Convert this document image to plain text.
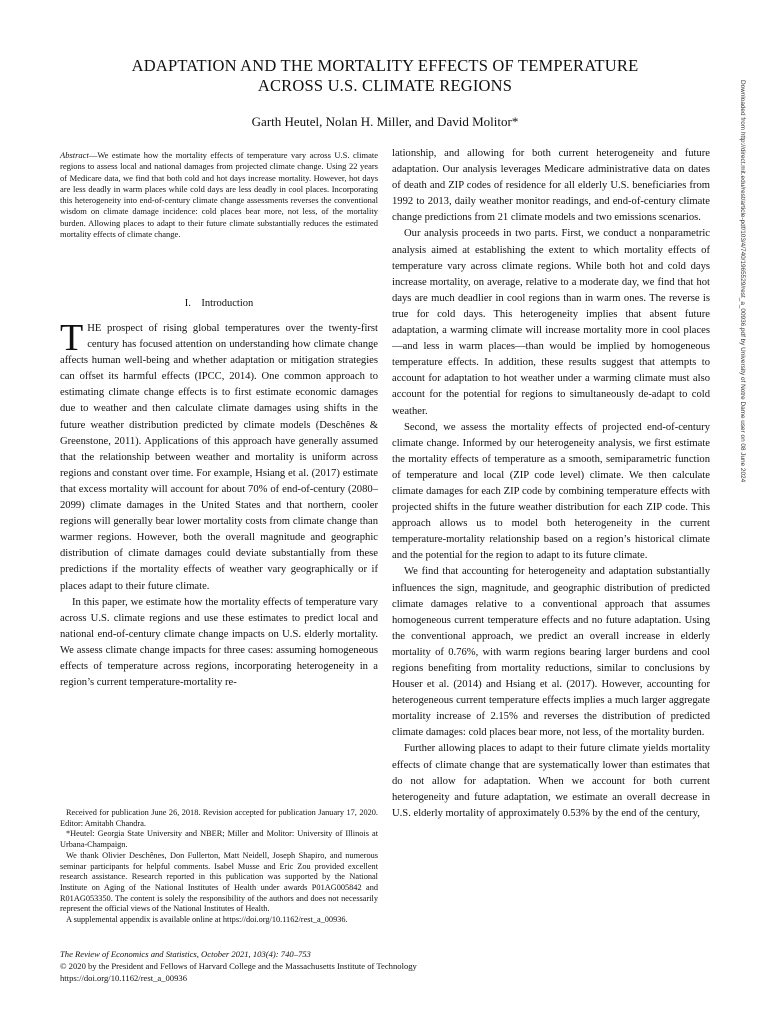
ADAPTATION AND THE MORTALITY EFFECTS OF TEMPERATURE
ACROSS U.S. CLIMATE REGIONS
Garth Heutel, Nolan H. Miller, and David Molitor*

Abstract—We estimate how the mortality effects of temperature vary across U.S. climate regions to assess local and national damages from projected climate change. Using 22 years of Medicare data, we find that both cold and hot days increase mortality. However, hot days are less deadly in warm places while cold days are less deadly in cool places. Incorporating this heterogeneity into end-of-century climate change assessments reverses the conventional wisdom on climate damage incidence: cold places bear more, not less, of the mortality burden. Allowing places to adapt to their future climate substantially reduces the estimated mortality effects of climate change.

I. Introduction

THE prospect of rising global temperatures over the twenty-first century has focused attention on understanding how climate change affects human well-being and whether adaptation or mitigation strategies can offset its harmful effects (IPCC, 2014). One common approach to estimating climate change effects is to first estimate economic damages due to weather and then calculate climate damages using shifts in the future weather distribution predicted by climate models (Deschênes & Greenstone, 2011). Applications of this approach have generally assumed that the relationship between weather and mortality is uniform across regions and constant over time. For example, Hsiang et al. (2017) estimate that excess mortality will account for about 70% of end-of-century (2080–2099) climate damages in the United States and that northern, cooler regions will generally bear lower mortality costs from climate change than warmer regions. However, both the overall magnitude and geographic distribution of climate damages could deviate substantially from these predictions if the mortality effects of weather vary geographically or if places adapt to their future climate.

In this paper, we estimate how the mortality effects of temperature vary across U.S. climate regions and use these estimates to predict local and national end-of-century climate change impacts on U.S. elderly mortality. We assess climate change impacts for three cases: assuming homogeneous effects of temperature across regions, incorporating heterogeneity in a region’s current temperature-mortality re-

Received for publication June 26, 2018. Revision accepted for publication January 17, 2020. Editor: Amitabh Chandra.

*Heutel: Georgia State University and NBER; Miller and Molitor: University of Illinois at Urbana-Champaign.

We thank Olivier Deschênes, Don Fullerton, Matt Neidell, Joseph Shapiro, and numerous seminar participants for helpful comments. Isabel Musse and Eric Zou provided excellent research assistance. Research reported in this publication was supported by the National Institute on Aging of the National Institutes of Health under awards P01AG005842 and R01AG053350. The content is solely the responsibility of the authors and does not necessarily represent the official views of the National Institutes of Health.

A supplemental appendix is available online at https://doi.org/10.1162/rest_a_00936.

lationship, and allowing for both current heterogeneity and future adaptation. Our analysis leverages Medicare administrative data on dates of death and ZIP codes of residence for all elderly U.S. beneficiaries from 1992 to 2013, daily weather monitor readings, and end-of-century climate change predictions from 21 climate models and two emissions scenarios.

Our analysis proceeds in two parts. First, we conduct a nonparametric analysis aimed at establishing the extent to which mortality effects of temperature vary across climate regions. While both hot and cold days increase mortality, on average, relative to a moderate day, we find that hot days are much deadlier in cool regions than in warm ones. The reverse is true for cold days. This heterogeneity implies that absent future adaptation, a warming climate will increase mortality more in cool places—and less in warm places—than would be implied by homogeneous temperature effects. In addition, these results suggest that attempts to account for adaptation to hot weather under a warming climate must also account for the potential for regions to simultaneously de-adapt to cold weather.

Second, we assess the mortality effects of projected end-of-century climate change. Informed by our heterogeneity analysis, we first estimate the mortality effects of temperature as a smooth, semiparametric function of temperature and local (ZIP code level) climate. We then calculate climate damages for each ZIP code by combining temperature effects with projected shifts in the future weather distribution for each ZIP code. This approach allows us to model both heterogeneity in the current temperature-mortality relationship based on a region’s historical climate and the potential for the region to adapt to its future climate.

We find that accounting for heterogeneity and adaptation substantially influences the sign, magnitude, and geographic distribution of predicted climate damages relative to a conventional approach that assumes homogeneous current temperature effects and no future adaptation. Using the conventional approach, we predict an overall increase in elderly mortality of 0.76%, with warm regions bearing larger burdens and cool regions benefiting from mortality reductions, similar to conclusions by Houser et al. (2014) and Hsiang et al. (2017). However, accounting for heterogeneous current temperature effects implies a much larger aggregate mortality increase of 2.15% and reverses the distribution of predicted climate damages: cold places bear more, not less, of the mortality burden.

Further allowing places to adapt to their future climate yields mortality effects of climate change that are systematically lower than estimates that do not allow for adaptation. When we account for both current heterogeneity and future adaptation, we estimate an overall decrease in U.S. elderly mortality of approximately 0.53% by the end of the century,

The Review of Economics and Statistics, October 2021, 103(4): 740–753
© 2020 by the President and Fellows of Harvard College and the Massachusetts Institute of Technology
https://doi.org/10.1162/rest_a_00936
Downloaded from http://direct.mit.edu/rest/article-pdf/103/4/740/1965529/rest_a_00936.pdf by University of Notre Dame user on 08 June 2024
